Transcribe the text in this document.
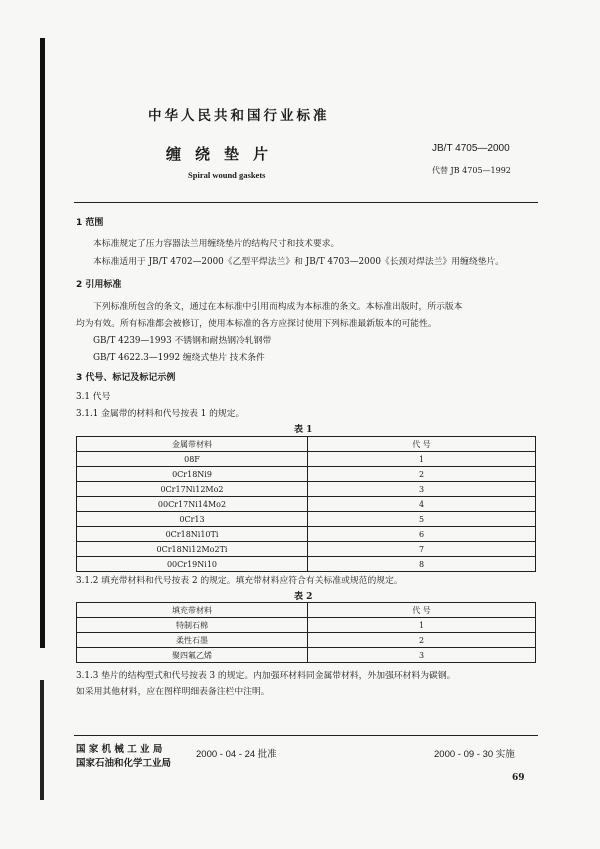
中华人民共和国行业标准
缠绕垫片	JB/T 4705—2000
代替 JB 4705—1992
Spiral wound gaskets
1 范围
本标准规定了压力容器法兰用缠绕垫片的结构尺寸和技术要求。
本标准适用于 JB/T 4702—2000《乙型平焊法兰》和 JB/T 4703—2000《长颈对焊法兰》用缠绕垫片。
2 引用标准
下列标准所包含的条文，通过在本标准中引用而构成为本标准的条文。本标准出版时，所示版本
均为有效。所有标准都会被修订，使用本标准的各方应探讨使用下列标准最新版本的可能性。
GB/T 4239—1993 不锈钢和耐热钢冷轧钢带
GB/T 4622.3—1992 缠绕式垫片 技术条件
3 代号、标记及标记示例
3.1 代号
3.1.1 金属带的材料和代号按表 1 的规定。
表 1
金属带材料	代 号
08F	1
0Cr18Ni9	2
0Cr17Ni12Mo2	3
00Cr17Ni14Mo2	4
0Cr13	5
0Cr18Ni10Ti	6
0Cr18Ni12Mo2Ti	7
00Cr19Ni10	8
3.1.2 填充带材料和代号按表 2 的规定。填充带材料应符合有关标准或规范的规定。
表 2
填充带材料	代 号
特制石棉	1
柔性石墨	2
聚四氟乙烯	3
3.1.3 垫片的结构型式和代号按表 3 的规定。内加强环材料同金属带材料，外加强环材料为碳钢。
如采用其他材料，应在图样明细表备注栏中注明。
国 家 机 械 工 业 局
国家石油和化学工业局
2000 - 04 - 24 批准	2000 - 09 - 30 实施
69
